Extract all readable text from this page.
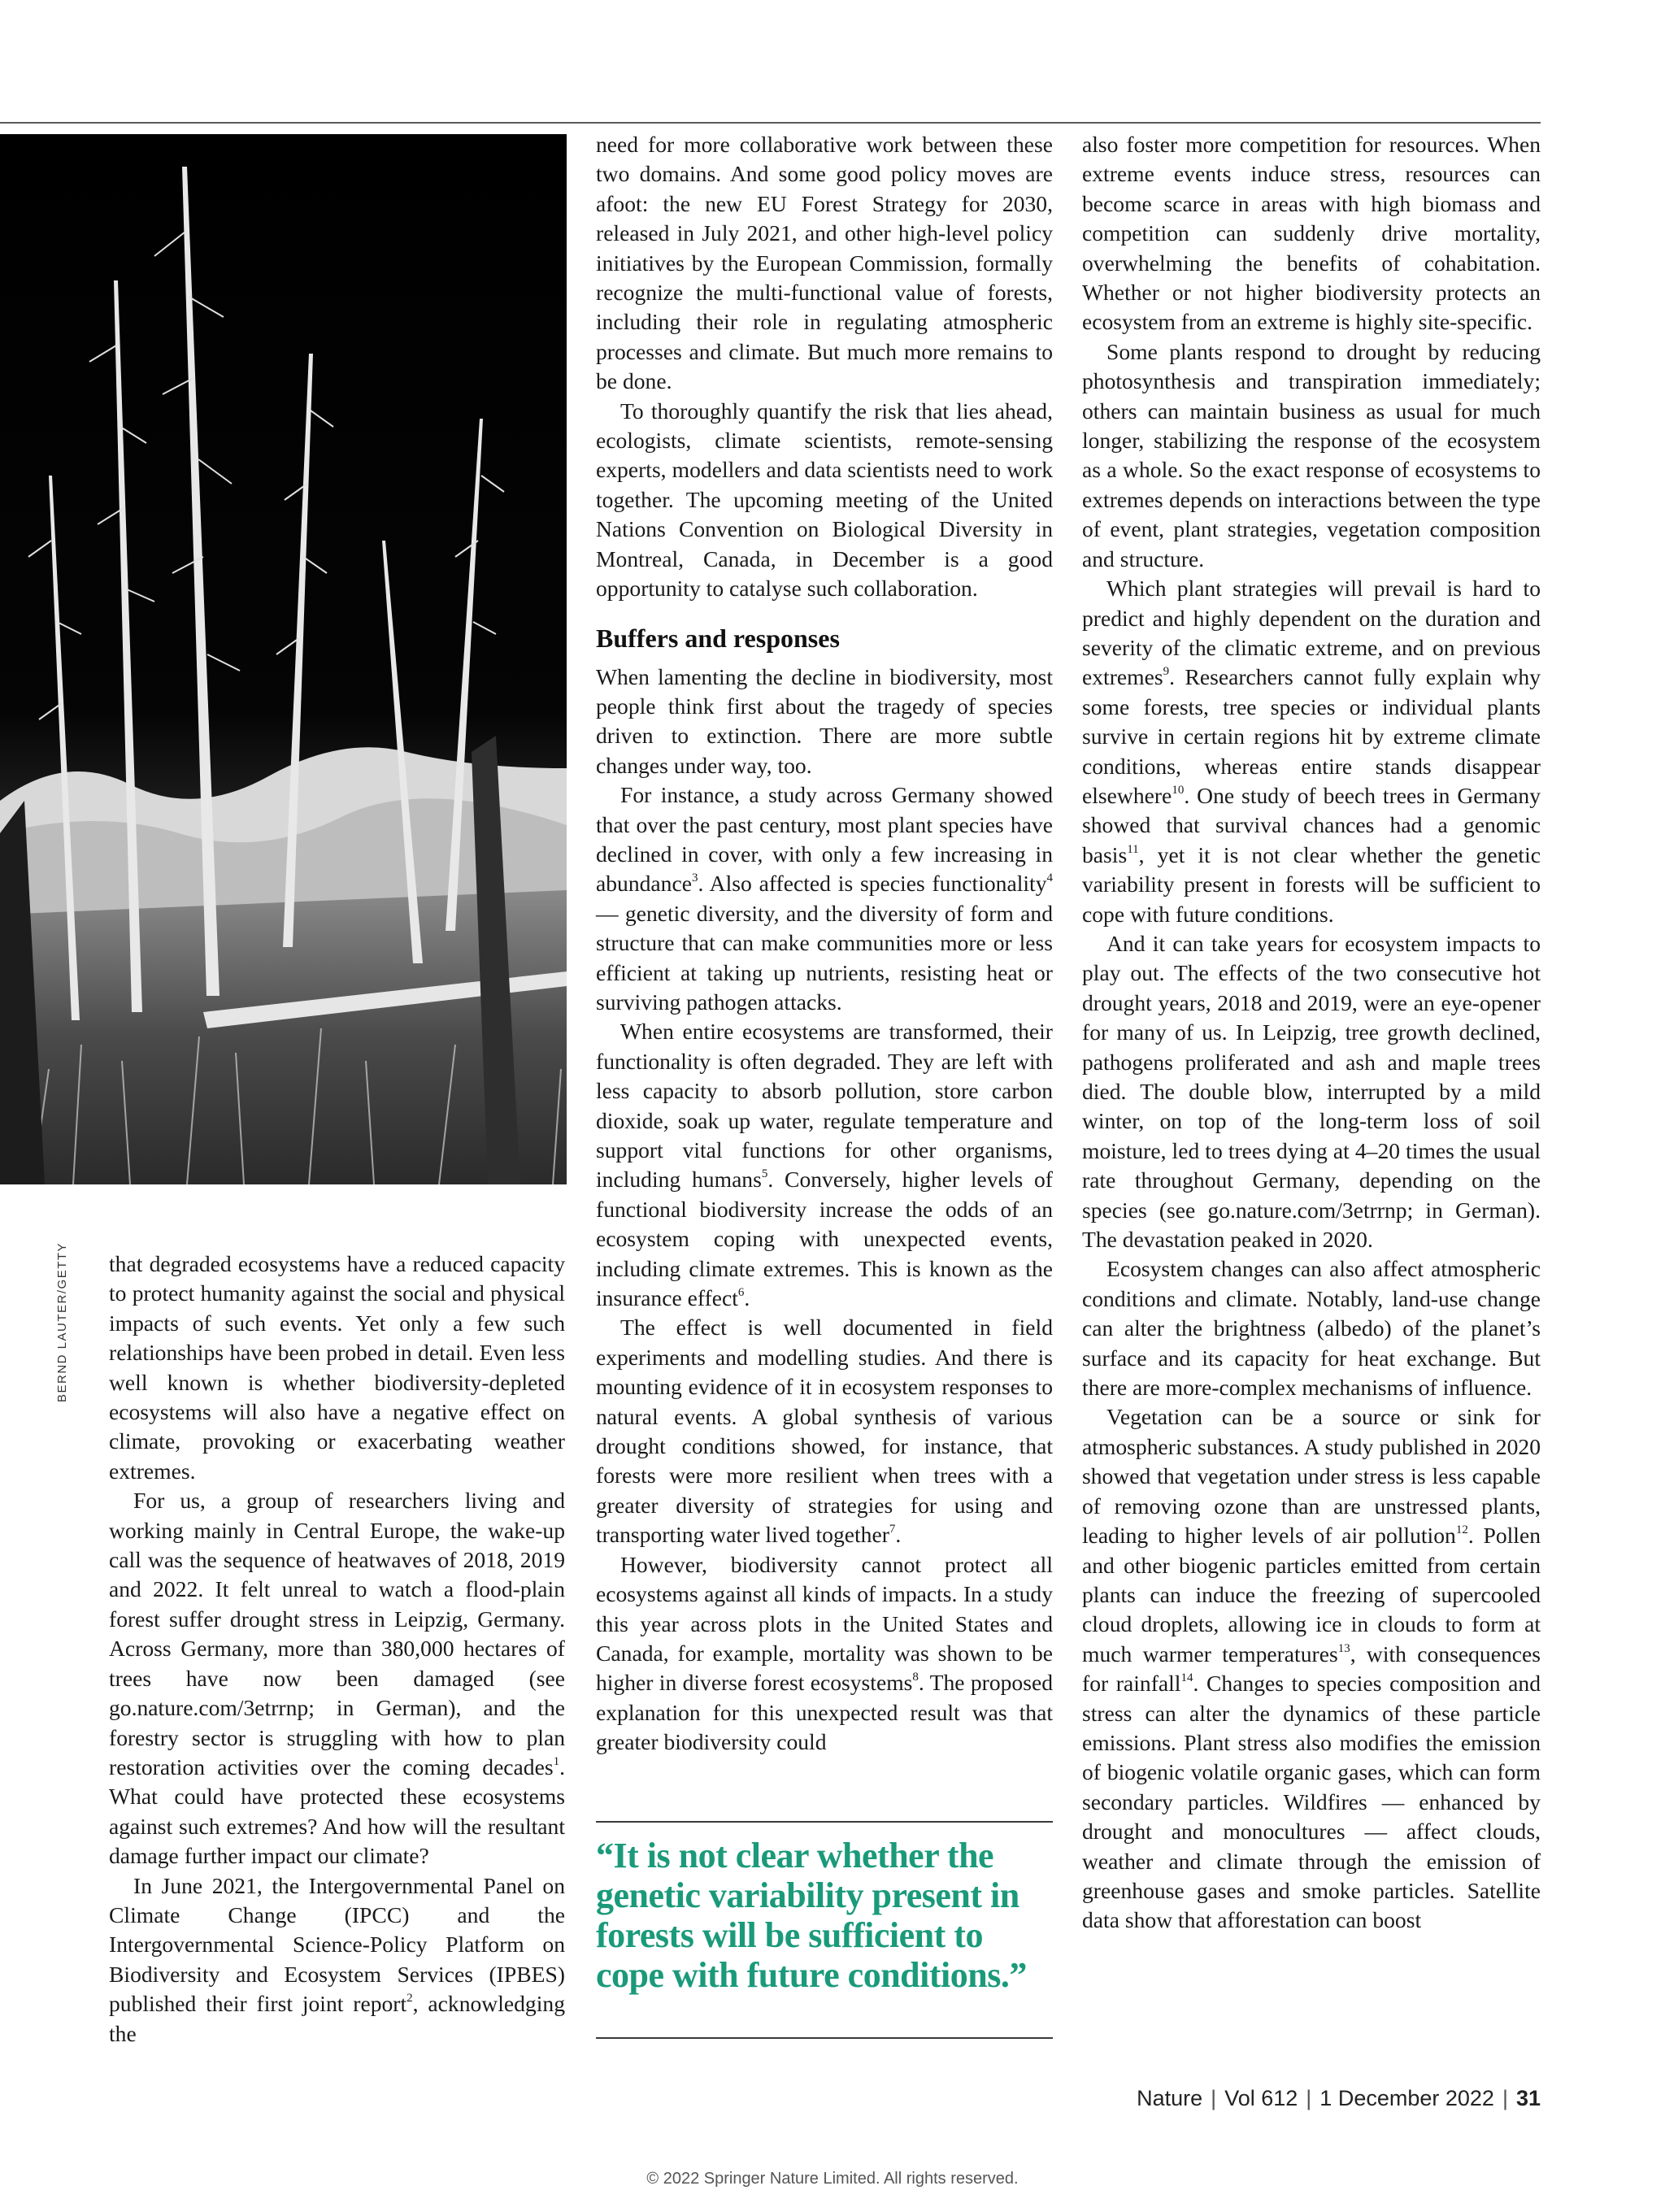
BERND LAUTER/GETTY that degraded ecosystems have a reduced capacity to protect humanity against the social and physical impacts of such events. Yet only a few such relationships have been probed in detail. Even less well known is whether biodiversity-depleted ecosystems will also have a negative effect on climate, provoking or exacerbating weather extremes.

For us, a group of researchers living and working mainly in Central Europe, the wake-up call was the sequence of heatwaves of 2018, 2019 and 2022. It felt unreal to watch a flood-plain forest suffer drought stress in Leipzig, Germany. Across Germany, more than 380,000 hectares of trees have now been damaged (see go.nature.com/3etrrnp; in German), and the forestry sector is struggling with how to plan restoration activities over the coming decades$^1$. What could have protected these ecosystems against such extremes? And how will the resultant damage further impact our climate?

In June 2021, the Intergovernmental Panel on Climate Change (IPCC) and the Intergovernmental Science-Policy Platform on Biodiversity and Ecosystem Services (IPBES) published their first joint report$^2$, acknowledging the

need for more collaborative work between these two domains. And some good policy moves are afoot: the new EU Forest Strategy for 2030, released in July 2021, and other high-level policy initiatives by the European Commission, formally recognize the multi-functional value of forests, including their role in regulating atmospheric processes and climate. But much more remains to be done.

To thoroughly quantify the risk that lies ahead, ecologists, climate scientists, remote-sensing experts, modellers and data scientists need to work together. The upcoming meeting of the United Nations Convention on Biological Diversity in Montreal, Canada, in December is a good opportunity to catalyse such collaboration.

Buffers and responses

When lamenting the decline in biodiversity, most people think first about the tragedy of species driven to extinction. There are more subtle changes under way, too.

For instance, a study across Germany showed that over the past century, most plant species have declined in cover, with only a few increasing in abundance$^3$. Also affected is species functionality$^4$ — genetic diversity, and the diversity of form and structure that can make communities more or less efficient at taking up nutrients, resisting heat or surviving pathogen attacks.

When entire ecosystems are transformed, their functionality is often degraded. They are left with less capacity to absorb pollution, store carbon dioxide, soak up water, regulate temperature and support vital functions for other organisms, including humans$^5$. Conversely, higher levels of functional biodiversity increase the odds of an ecosystem coping with unexpected events, including climate extremes. This is known as the insurance effect$^6$.

The effect is well documented in field experiments and modelling studies. And there is mounting evidence of it in ecosystem responses to natural events. A global synthesis of various drought conditions showed, for instance, that forests were more resilient when trees with a greater diversity of strategies for using and transporting water lived together$^7$.

However, biodiversity cannot protect all ecosystems against all kinds of impacts. In a study this year across plots in the United States and Canada, for example, mortality was shown to be higher in diverse forest ecosystems$^8$. The proposed explanation for this unexpected result was that greater biodiversity could

“It is not clear whether the genetic variability present in forests will be sufficient to cope with future conditions.”

also foster more competition for resources. When extreme events induce stress, resources can become scarce in areas with high biomass and competition can suddenly drive mortality, overwhelming the benefits of cohabitation. Whether or not higher biodiversity protects an ecosystem from an extreme is highly site-specific.

Some plants respond to drought by reducing photosynthesis and transpiration immediately; others can maintain business as usual for much longer, stabilizing the response of the ecosystem as a whole. So the exact response of ecosystems to extremes depends on interactions between the type of event, plant strategies, vegetation composition and structure.

Which plant strategies will prevail is hard to predict and highly dependent on the duration and severity of the climatic extreme, and on previous extremes$^9$. Researchers cannot fully explain why some forests, tree species or individual plants survive in certain regions hit by extreme climate conditions, whereas entire stands disappear elsewhere$^{10}$. One study of beech trees in Germany showed that survival chances had a genomic basis$^{11}$, yet it is not clear whether the genetic variability present in forests will be sufficient to cope with future conditions.

And it can take years for ecosystem impacts to play out. The effects of the two consecutive hot drought years, 2018 and 2019, were an eye-opener for many of us. In Leipzig, tree growth declined, pathogens proliferated and ash and maple trees died. The double blow, interrupted by a mild winter, on top of the long-term loss of soil moisture, led to trees dying at 4–20 times the usual rate throughout Germany, depending on the species (see go.nature.com/3etrrnp; in German). The devastation peaked in 2020.

Ecosystem changes can also affect atmospheric conditions and climate. Notably, land-use change can alter the brightness (albedo) of the planet’s surface and its capacity for heat exchange. But there are more-complex mechanisms of influence.

Vegetation can be a source or sink for atmospheric substances. A study published in 2020 showed that vegetation under stress is less capable of removing ozone than are unstressed plants, leading to higher levels of air pollution$^{12}$. Pollen and other biogenic particles emitted from certain plants can induce the freezing of supercooled cloud droplets, allowing ice in clouds to form at much warmer temperatures$^{13}$, with consequences for rainfall$^{14}$. Changes to species composition and stress can alter the dynamics of these particle emissions. Plant stress also modifies the emission of biogenic volatile organic gases, which can form secondary particles. Wildfires — enhanced by drought and monocultures — affect clouds, weather and climate through the emission of greenhouse gases and smoke particles. Satellite data show that afforestation can boost

Nature | Vol 612 | 1 December 2022 | 31
© 2022 Springer Nature Limited. All rights reserved.
